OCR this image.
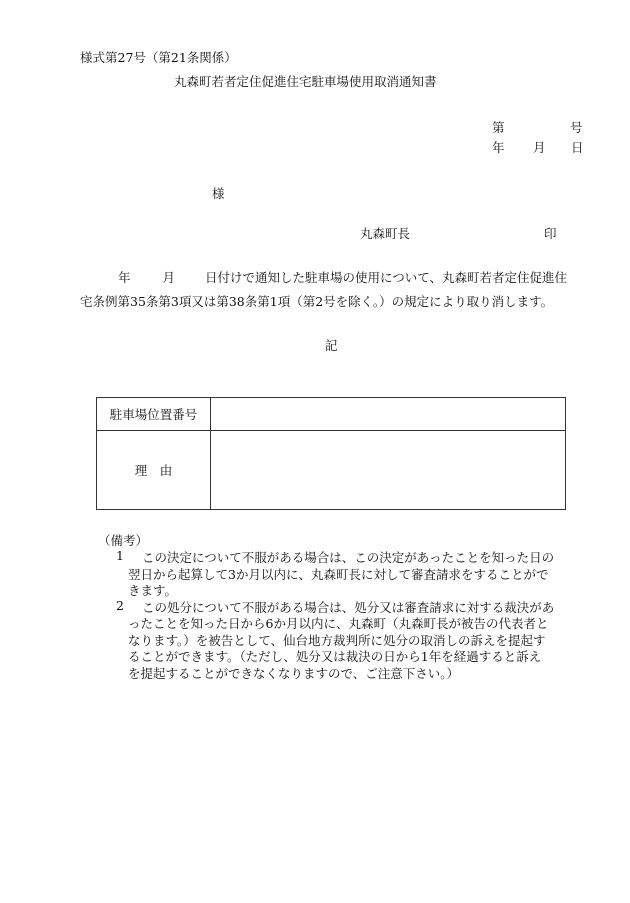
様式第27号（第21条関係）
丸森町若者定住促進住宅駐車場使用取消通知書
第	号
年 月 日
様
丸森町長	印
年	月 日付けで通知した駐車場の使用について、丸森町若者定住促進住
宅条例第35条第3項又は第38条第1項（第2号を除く。）の規定により取り消します。
記
駐車場位置番号	
理　由	
（備考）
1 この決定について不服がある場合は、この決定があったことを知った日の
翌日から起算して3か月以内に、丸森町長に対して審査請求をすることがで
きます。
2 この処分について不服がある場合は、処分又は審査請求に対する裁決があ
ったことを知った日から6か月以内に、丸森町（丸森町長が被告の代表者と
なります。）を被告として、仙台地方裁判所に処分の取消しの訴えを提起す
ることができます。（ただし、処分又は裁決の日から1年を経過すると訴え
を提起することができなくなりますので、ご注意下さい。）
